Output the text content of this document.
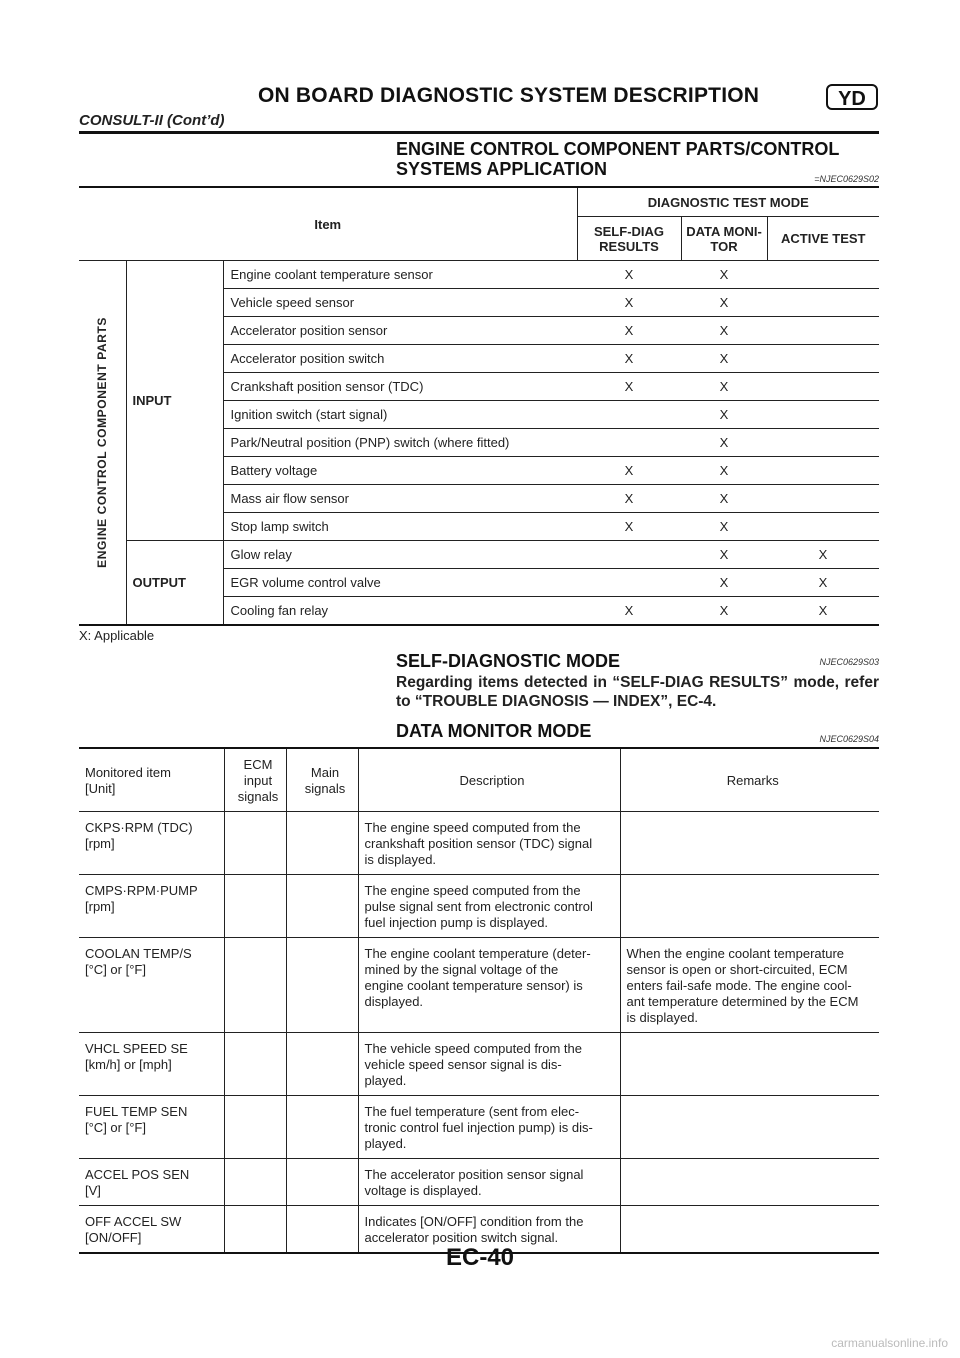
ON BOARD DIAGNOSTIC SYSTEM DESCRIPTION	YD
CONSULT-II (Cont’d)
ENGINE CONTROL COMPONENT PARTS/CONTROL
SYSTEMS APPLICATION	=NJEC0629S02
Item			DIAGNOSTIC TEST MODE		
			SELF-DIAG
RESULTS	DATA MONI-
TOR	ACTIVE TEST

ENGINE CONTROL COMPONENT PARTS	INPUT	Engine coolant temperature sensor	X	X	
		Vehicle speed sensor	X	X	
		Accelerator position sensor	X	X	
		Accelerator position switch	X	X	
		Crankshaft position sensor (TDC)	X	X	
		Ignition switch (start signal)		X	
		Park/Neutral position (PNP) switch (where fitted)		X	
		Battery voltage	X	X	
		Mass air flow sensor	X	X	
		Stop lamp switch	X	X	
	OUTPUT	Glow relay		X	X
		EGR volume control valve		X	X
		Cooling fan relay	X	X	X
X: Applicable
SELF-DIAGNOSTIC MODE	NJEC0629S03
Regarding items detected in “SELF-DIAG RESULTS” mode, refer to “TROUBLE DIAGNOSIS — INDEX”, EC-4.
DATA MONITOR MODE	NJEC0629S04
Monitored item
[Unit]	ECM
input
signals	Main
signals	Description	Remarks

CKPS·RPM (TDC)
[rpm]			The engine speed computed from the
crankshaft position sensor (TDC) signal
is displayed.	

CMPS·RPM·PUMP
[rpm]			The engine speed computed from the
pulse signal sent from electronic control
fuel injection pump is displayed.	

COOLAN TEMP/S
[°C] or [°F]			The engine coolant temperature (deter-
mined by the signal voltage of the
engine coolant temperature sensor) is
displayed.	When the engine coolant temperature
sensor is open or short-circuited, ECM
enters fail-safe mode. The engine cool-
ant temperature determined by the ECM
is displayed.

VHCL SPEED SE
[km/h] or [mph]			The vehicle speed computed from the
vehicle speed sensor signal is dis-
played.	

FUEL TEMP SEN
[°C] or [°F]			The fuel temperature (sent from elec-
tronic control fuel injection pump) is dis-
played.	

ACCEL POS SEN
[V]			The accelerator position sensor signal
voltage is displayed.	

OFF ACCEL SW
[ON/OFF]			Indicates [ON/OFF] condition from the
accelerator position switch signal.	

EC-40
carmanualsonline.info
